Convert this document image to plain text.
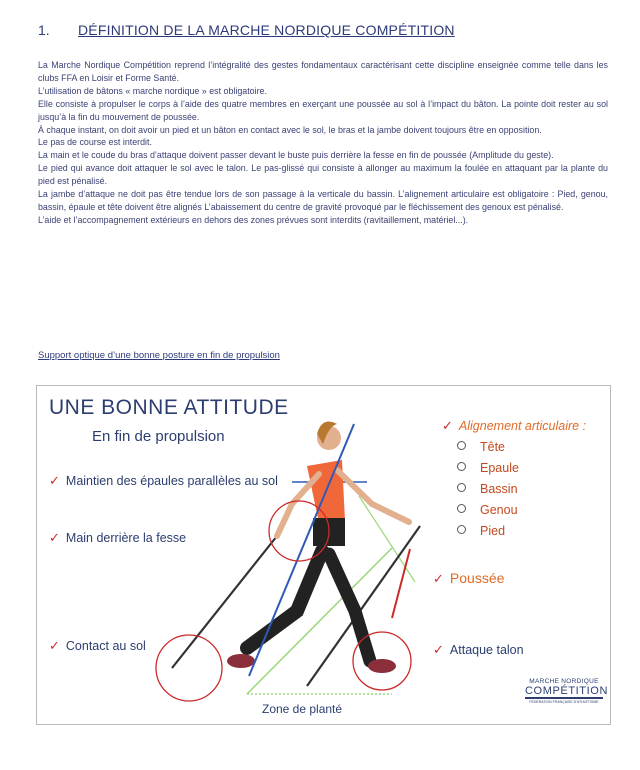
1. DÉFINITION DE LA MARCHE NORDIQUE COMPÉTITION

La Marche Nordique Compétition reprend l’intégralité des gestes fondamentaux caractérisant cette discipline enseignée comme telle dans les clubs FFA en Loisir et Forme Santé.

L’utilisation de bâtons « marche nordique » est obligatoire.

Elle consiste à propulser le corps à l’aide des quatre membres en exerçant une poussée au sol à l’impact du bâton. La pointe doit rester au sol jusqu’à la fin du mouvement de poussée.

À chaque instant, on doit avoir un pied et un bâton en contact avec le sol, le bras et la jambe doivent toujours être en opposition.

Le pas de course est interdit.

La main et le coude du bras d’attaque doivent passer devant le buste puis derrière la fesse en fin de poussée (Amplitude du geste).

Le pied qui avance doit attaquer le sol avec le talon. Le pas-glissé qui consiste à allonger au maximum la foulée en attaquant par la plante du pied est pénalisé.

La jambe d’attaque ne doit pas être tendue lors de son passage à la verticale du bassin. L’alignement articulaire est obligatoire : Pied, genou, bassin, épaule et tête doivent être alignés L’abaissement du centre de gravité provoqué par le fléchissement des genoux est pénalisé.

L’aide et l’accompagnement extérieurs en dehors des zones prévues sont interdits (ravitaillement, matériel...).

Support optique d’une bonne posture en fin de propulsion
UNE BONNE ATTITUDE
En fin de propulsion
✓ Maintien des épaules parallèles au sol
✓ Main derrière la fesse
✓ Contact au sol
✓ Alignement articulaire :
Tête
Epaule
Bassin
Genou
Pied
✓ Poussée
✓ Attaque talon
Zone de planté
MARCHE NORDIQUE
COMPÉTITION
FÉDÉRATION FRANÇAISE D'ATHLÉTISME
